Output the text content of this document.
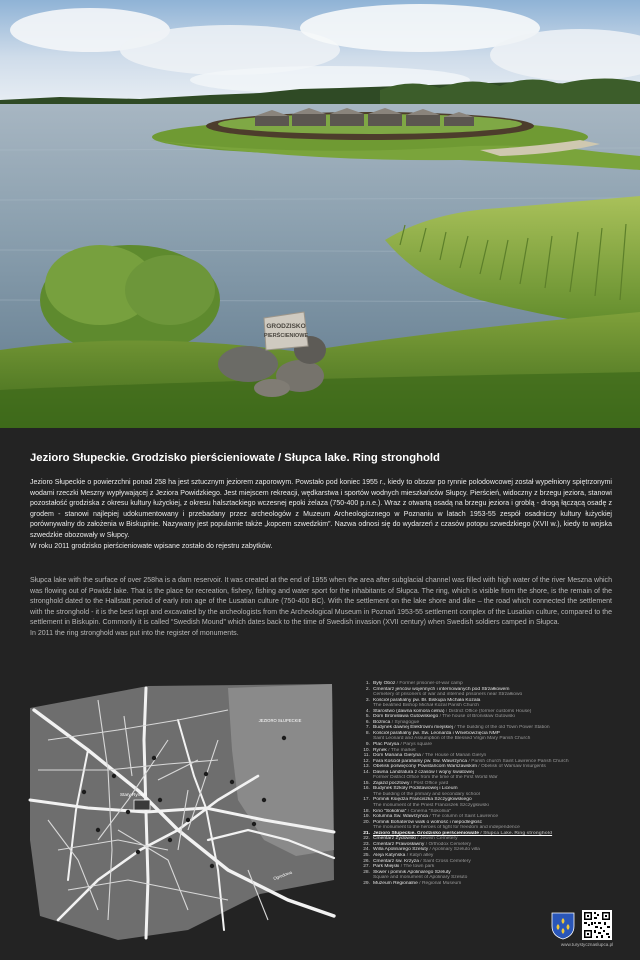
GRODZISKO
PIERŚCIENIOWE
Jezioro Słupeckie. Grodzisko pierścieniowate / Słupca lake. Ring stronghold

Jezioro Słupeckie o powierzchni ponad 258 ha jest sztucznym jeziorem zaporowym. Powstało pod koniec 1955 r., kiedy to obszar po rynnie polodowcowej został wypełniony spiętrzonymi wodami rzeczki Meszny wypływającej z Jeziora Powidzkiego. Jest miejscem rekreacji, wędkarstwa i sportów wodnych mieszkańców Słupcy. Pierścień, widoczny z brzegu jeziora, stanowi pozostałość grodziska z okresu kultury łużyckiej, z okresu halsztackiego wczesnej epoki żelaza (750-400 p.n.e.). Wraz z otwartą osadą na brzegu jeziora i groblą - drogą łączącą osadę z grodem - stanowi najlepiej udokumentowany i przebadany przez archeologów z Muzeum Archeologicznego w Poznaniu w latach 1953-55 zespół osadniczy kultury łużyckiej porównywalny do założenia w Biskupinie. Nazywany jest popularnie także „kopcem szwedzkim”. Nazwa odnosi się do wydarzeń z czasów potopu szwedzkiego (XVII w.), kiedy to wojska szwedzkie obozowały w Słupcy.

W roku 2011 grodzisko pierścieniowate wpisane zostało do rejestru zabytków.

Słupca lake with the surface of over 258ha is a dam reservoir. It was created at the end of 1955 when the area after subglacial channel was filled with high water of the river Meszna which was flowing out of Powidz lake. That is the place for recreation, fishery, fishing and water sport for the inhabitants of Słupca. The ring, which is visible from the shore, is the remain of the stronghold dated to the Hallstatt period of early iron age of the Lusatian culture (750-400 BC). With the settlement on the lake shore and dike – the road which connected the settlement with the stronghold - it is the best kept and excavated by the archeologists from the Archeological Museum in Poznań 1953-55 settlement complex of the Lusatian culture, compared to the settlement in Biskupin. Commonly it is called “Swedish Mound” which dates back to the time of Swedish invasion (XVII century) when Swedish soldiers camped in Słupca.

In 2011 the ring stronghold was put into the register of monuments.

Stary Rynek
JEZIORO SŁUPECKIE
Ogrodowa
1. Były Obóz / Former prisoner-of-war camp
2. Cmentarz jeńców wojennych i internowanych pod Strzałkowem
Cemetery of prisoners of war and interned prisoners near Strzałkowo
3. Kościół parafialny pw. Bł. Biskupa Michała Kozala
The beatified Bishop Michał Kozal Parish Church
4. Starostwo (dawna komora celna) / District Office (former customs House)
5. Dom Bronisława Gutowskiego / The house of Bronisław Gutowski
6. Bóżnica / Synagogue
7. Budynek dawnej Elektrowni miejskiej / The building of the old Town Power Station
8. Kościół parafialny pw. Św. Leonarda i Wniebowzięcia NMP
Saint Leonard and Assumption of the Blessed Virgin Mary Parish Church
9. Plac Parysa / Parys square
10. Rynek / The market
11. Dom Mariana Gieryna / The House of Marian Gieryn
12. Fara Kościół parafialny pw. Św. Wawrzyńca / Parish church Saint Lawrence Parish Church
13. Obelisk poświęcony Powstańcom Warszawskim / Obelisk of Warsaw Insurgents
14. Dawna Landratura z czasów I wojny światowej
Former District Office from the time of the First World War
15. Zajazd pocztowy / Post Office yard
16. Budynek Szkoły Podstawowej i Liceum
The building of the primary and secondary school
17. Pomnik Księdza Franciszka Szczygłowskiego
The monument of the Priest Franciszek Szczygłowski
18. Kino "Sokolnia" / Cinema "Sokolnia"
19. Kolumna Św. Wawrzyńca / The column of Saint Lawrence
20. Pomnik Bohaterów walk o wolność i niepodległość
The monument to the heroes of fight for freedom and independence
21. Jezioro Słupeckie. Grodzisko pierścieniowate / Słupca Lake. Ring stronghold
22. Cmentarz Żydowski / Jewish Cemetery
23. Cmentarz Prawosławny / Orthodox Cemetery
24. Willa Apolinarego Szeluty / Apolinary Szeluto villa
25. Aleja Katyńska / Katyń alley
26. Cmentarz św. Krzyża / Saint Cross Cemetery
27. Park Miejski / The town park
28. Skwer i pomnik Apolinarego Szeluty
Square and monument of Apolinary Szeluto
29. Muzeum Regionalne / Regional Museum
www.turystycznaslupca.pl
